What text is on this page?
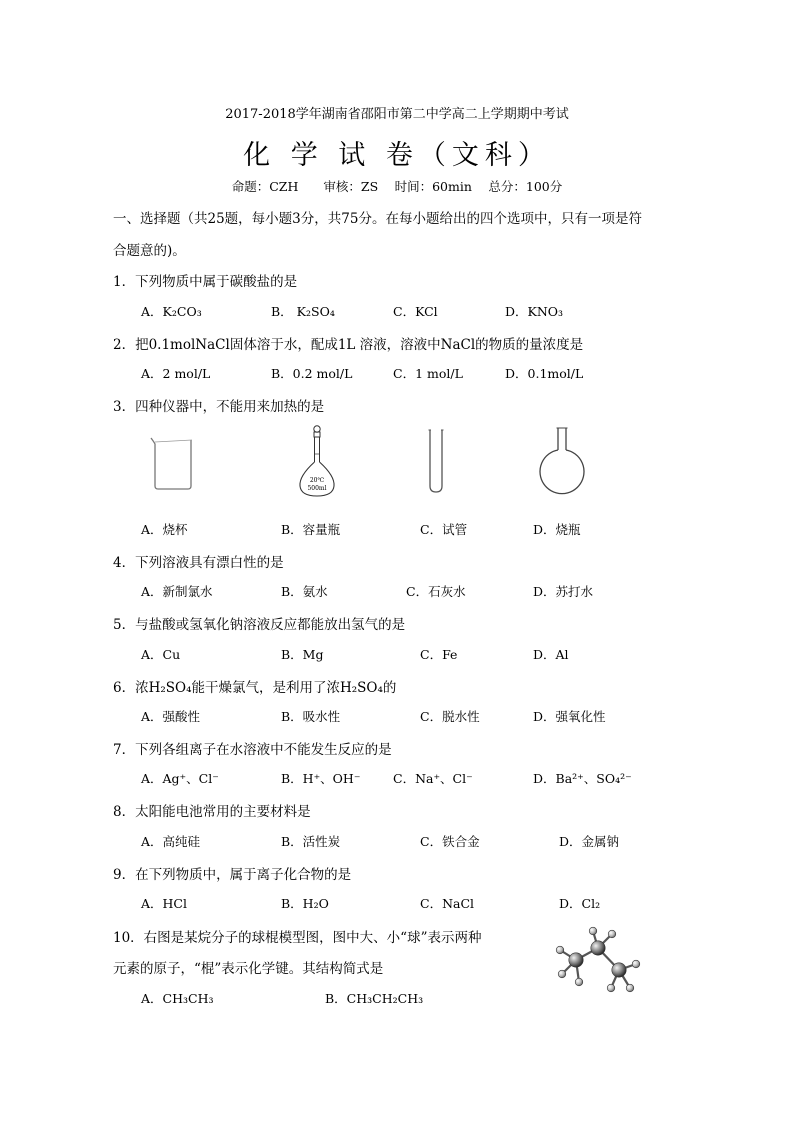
2017-2018学年湖南省邵阳市第二中学高二上学期期中考试
化 学 试 卷（文科）
命题：CZH　　审核：ZS　 时间：60min　 总分：100分
一、选择题（共25题，每小题3分，共75分。在每小题给出的四个选项中，只有一项是符
合题意的)。
1．下列物质中属于碳酸盐的是
A．K₂CO₃	B． K₂SO₄	C．KCl	D．KNO₃
2．把0.1molNaCl固体溶于水，配成1L 溶液，溶液中NaCl的物质的量浓度是
A．2 mol/L	B．0.2 mol/L	C．1 mol/L	D．0.1mol/L
3．四种仪器中，不能用来加热的是
20℃
500ml
A．烧杯	B．容量瓶	C．试管	D．烧瓶
4．下列溶液具有漂白性的是
A．新制氯水	B．氨水	C．石灰水	D．苏打水
5．与盐酸或氢氧化钠溶液反应都能放出氢气的是
A．Cu	B．Mg	C．Fe	D．Al
6．浓H₂SO₄能干燥氯气，是利用了浓H₂SO₄的
A．强酸性	B．吸水性	C．脱水性	D．强氧化性
7．下列各组离子在水溶液中不能发生反应的是
A．Ag⁺、Cl⁻	B．H⁺、OH⁻	C．Na⁺、Cl⁻	D．Ba²⁺、SO₄²⁻
8．太阳能电池常用的主要材料是
A．高纯硅	B．活性炭	C．铁合金	D．金属钠
9．在下列物质中，属于离子化合物的是
A．HCl	B．H₂O	C．NaCl	D．Cl₂
10．右图是某烷分子的球棍模型图，图中大、小“球”表示两种
元素的原子，“棍”表示化学键。其结构简式是
A．CH₃CH₃	B．CH₃CH₂CH₃
